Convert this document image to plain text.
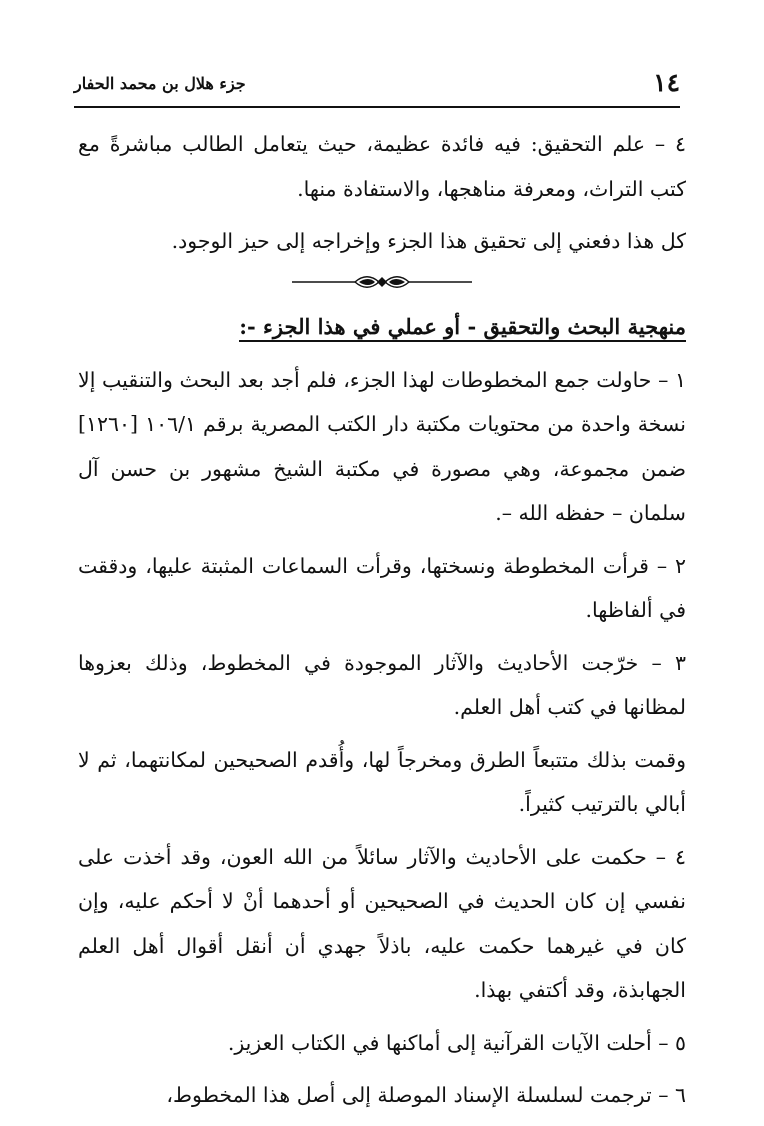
١٤
جزء هلال بن محمد الحفار

٤ – علم التحقيق: فيه فائدة عظيمة، حيث يتعامل الطالب مباشرةً مع كتب التراث، ومعرفة مناهجها، والاستفادة منها.

كل هذا دفعني إلى تحقيق هذا الجزء وإخراجه إلى حيز الوجود.

منهجية البحث والتحقيق - أو عملي في هذا الجزء -:

١ – حاولت جمع المخطوطات لهذا الجزء، فلم أجد بعد البحث والتنقيب إلا نسخة واحدة من محتويات مكتبة دار الكتب المصرية برقم ١٠٦/١ [١٢٦٠] ضمن مجموعة، وهي مصورة في مكتبة الشيخ مشهور بن حسن آل سلمان – حفظه الله –.

٢ – قرأت المخطوطة ونسختها، وقرأت السماعات المثبتة عليها، ودققت في ألفاظها.

٣ – خرّجت الأحاديث والآثار الموجودة في المخطوط، وذلك بعزوها لمظانها في كتب أهل العلم.

وقمت بذلك متتبعاً الطرق ومخرجاً لها، وأُقدم الصحيحين لمكانتهما، ثم لا أبالي بالترتيب كثيراً.

٤ – حكمت على الأحاديث والآثار سائلاً من الله العون، وقد أخذت على نفسي إن كان الحديث في الصحيحين أو أحدهما أنْ لا أحكم عليه، وإن كان في غيرهما حكمت عليه، باذلاً جهدي أن أنقل أقوال أهل العلم الجهابذة، وقد أكتفي بهذا.

٥ – أحلت الآيات القرآنية إلى أماكنها في الكتاب العزيز.

٦ – ترجمت لسلسلة الإسناد الموصلة إلى أصل هذا المخطوط،
